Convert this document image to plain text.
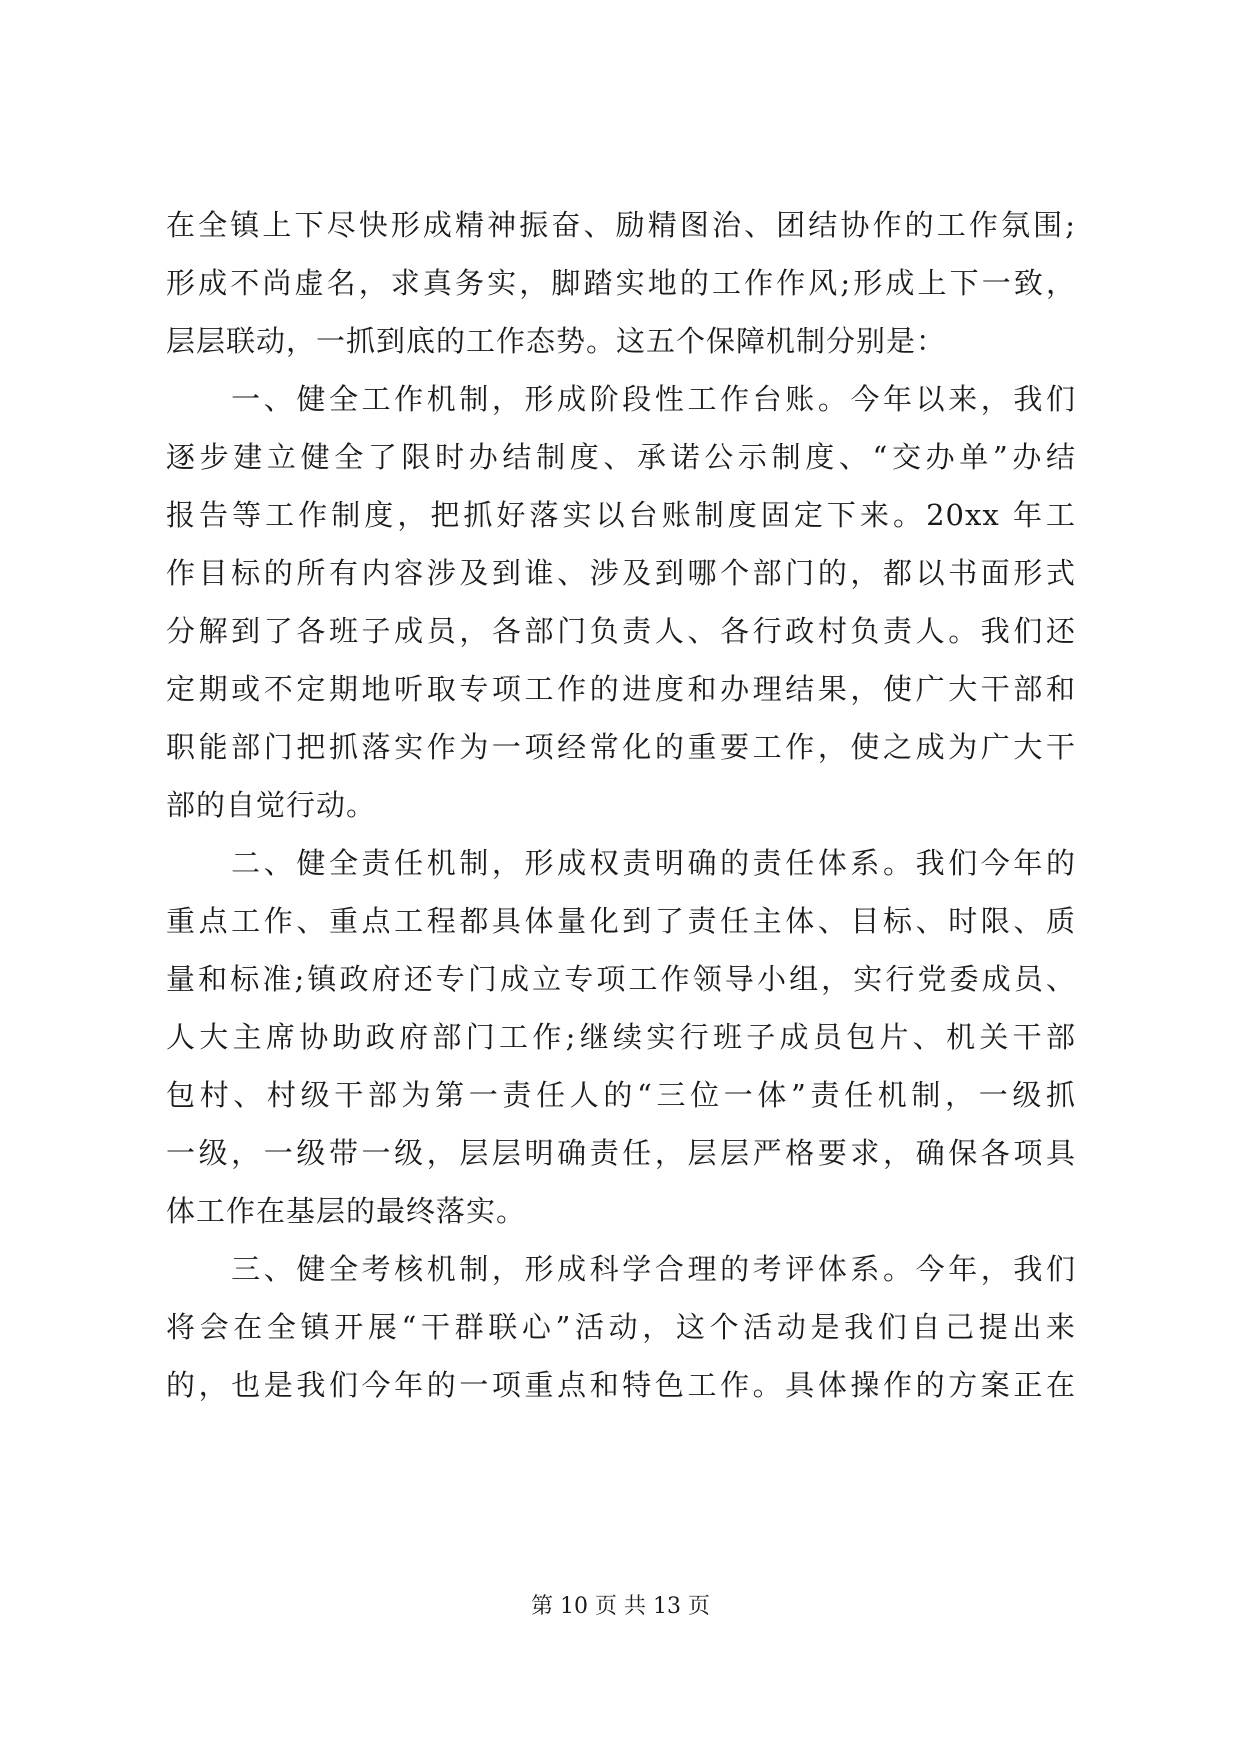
在全镇上下尽快形成精神振奋、励精图治、团结协作的工作氛围;
形成不尚虚名，求真务实，脚踏实地的工作作风;形成上下一致，
层层联动，一抓到底的工作态势。这五个保障机制分别是：
　　一、健全工作机制，形成阶段性工作台账。今年以来，我们
逐步建立健全了限时办结制度、承诺公示制度、“交办单”办结
报告等工作制度，把抓好落实以台账制度固定下来。20xx 年工
作目标的所有内容涉及到谁、涉及到哪个部门的，都以书面形式
分解到了各班子成员，各部门负责人、各行政村负责人。我们还
定期或不定期地听取专项工作的进度和办理结果，使广大干部和
职能部门把抓落实作为一项经常化的重要工作，使之成为广大干
部的自觉行动。
　　二、健全责任机制，形成权责明确的责任体系。我们今年的
重点工作、重点工程都具体量化到了责任主体、目标、时限、质
量和标准;镇政府还专门成立专项工作领导小组，实行党委成员、
人大主席协助政府部门工作;继续实行班子成员包片、机关干部
包村、村级干部为第一责任人的“三位一体”责任机制，一级抓
一级，一级带一级，层层明确责任，层层严格要求，确保各项具
体工作在基层的最终落实。
　　三、健全考核机制，形成科学合理的考评体系。今年，我们
将会在全镇开展“干群联心”活动，这个活动是我们自己提出来
的，也是我们今年的一项重点和特色工作。具体操作的方案正在
第 10 页 共 13 页
